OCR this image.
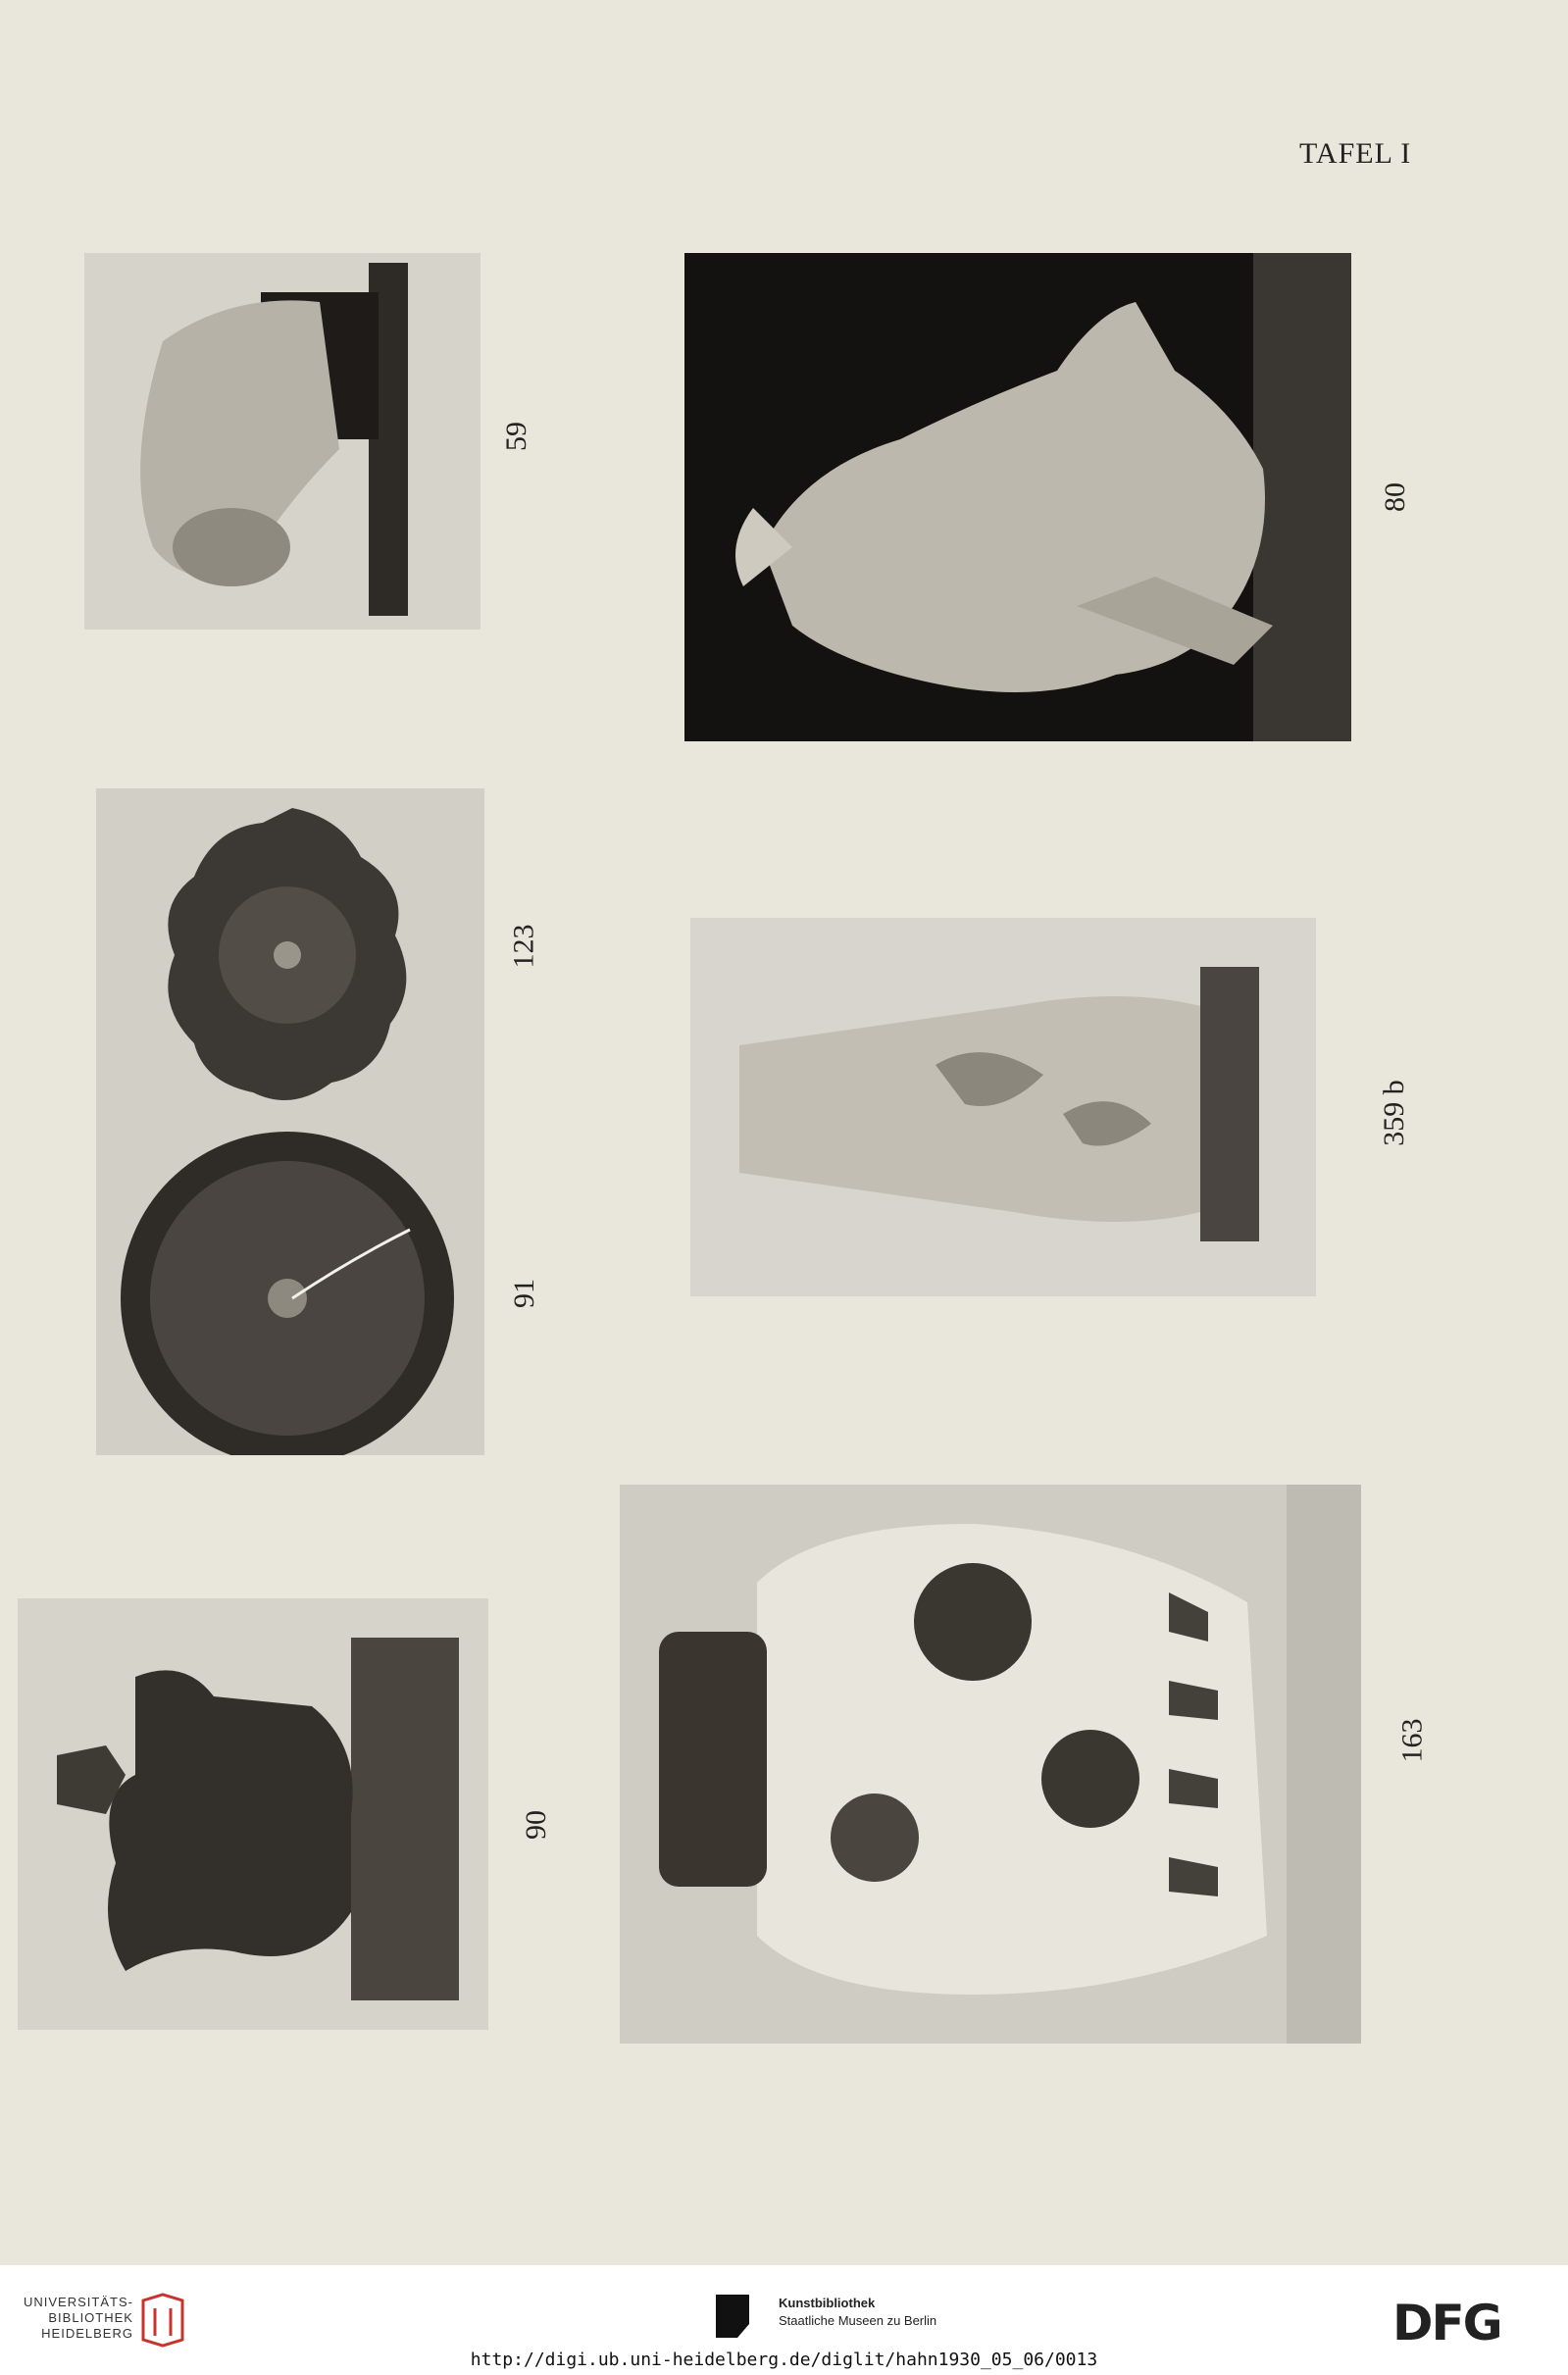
TAFEL I
59
80
123
91
359 b
90
163
UNIVERSITÄTS-
BIBLIOTHEK
HEIDELBERG
Kunstbibliothek
Staatliche Museen zu Berlin	DFG
http://digi.ub.uni-heidelberg.de/diglit/hahn1930_05_06/0013
